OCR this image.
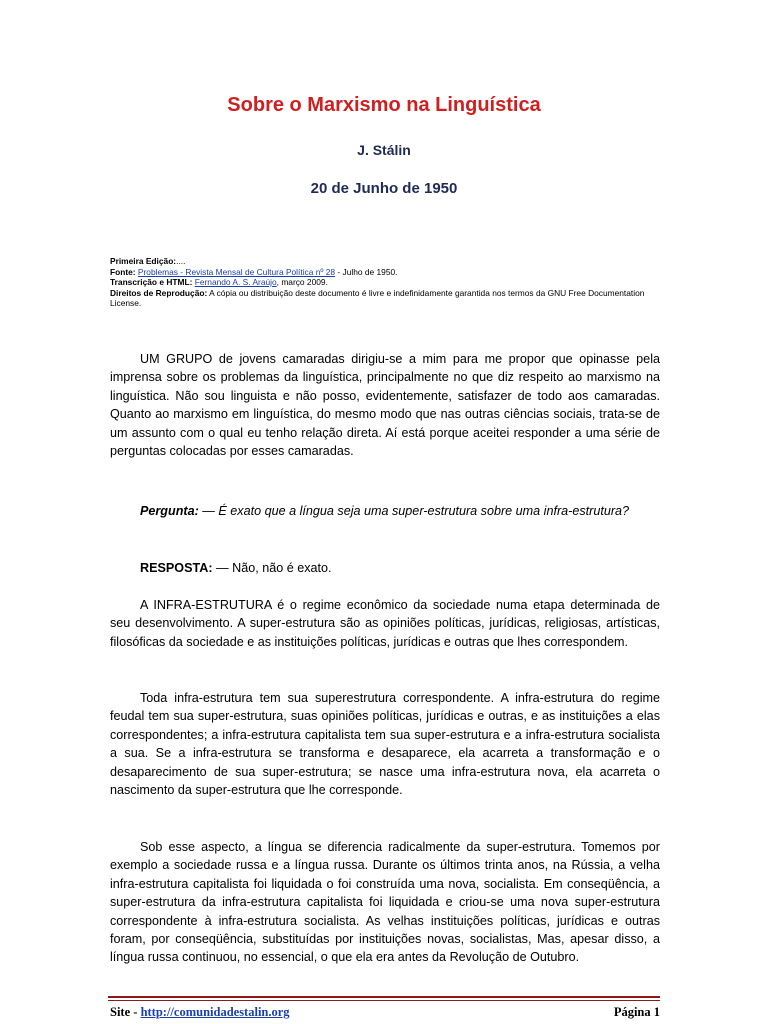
Sobre o Marxismo na Linguística
J. Stálin
20 de Junho de 1950
Primeira Edição:....
Fonte: Problemas - Revista Mensal de Cultura Política nº 28 - Julho de 1950.
Transcrição e HTML: Fernando A. S. Araújo, março 2009.
Direitos de Reprodução: A cópia ou distribuição deste documento é livre e indefinidamente garantida nos termos da GNU Free Documentation License.

UM GRUPO de jovens camaradas dirigiu-se a mim para me propor que opinasse pela imprensa sobre os problemas da linguística, principalmente no que diz respeito ao marxismo na linguística. Não sou linguista e não posso, evidentemente, satisfazer de todo aos camaradas. Quanto ao marxismo em linguística, do mesmo modo que nas outras ciências sociais, trata-se de um assunto com o qual eu tenho relação direta. Aí está porque aceitei responder a uma série de perguntas colocadas por esses camaradas.

Pergunta: — É exato que a língua seja uma super-estrutura sobre uma infra-estrutura?

RESPOSTA: — Não, não é exato.

A INFRA-ESTRUTURA é o regime econômico da sociedade numa etapa determinada de seu desenvolvimento. A super-estrutura são as opiniões políticas, jurídicas, religiosas, artísticas, filosóficas da sociedade e as instituições políticas, jurídicas e outras que lhes correspondem.

Toda infra-estrutura tem sua superestrutura correspondente. A infra-estrutura do regime feudal tem sua super-estrutura, suas opiniões políticas, jurídicas e outras, e as instituições a elas correspondentes; a infra-estrutura capitalista tem sua super-estrutura e a infra-estrutura socialista a sua. Se a infra-estrutura se transforma e desaparece, ela acarreta a transformação e o desaparecimento de sua super-estrutura; se nasce uma infra-estrutura nova, ela acarreta o nascimento da super-estrutura que lhe corresponde.

Sob esse aspecto, a língua se diferencia radicalmente da super-estrutura. Tomemos por exemplo a sociedade russa e a língua russa. Durante os últimos trinta anos, na Rússia, a velha infra-estrutura capitalista foi liquidada o foi construída uma nova, socialista. Em conseqüência, a super-estrutura da infra-estrutura capitalista foi liquidada e criou-se uma nova super-estrutura correspondente à infra-estrutura socialista. As velhas instituições políticas, jurídicas e outras foram, por conseqüência, substituídas por instituições novas, socialistas, Mas, apesar disso, a língua russa continuou, no essencial, o que ela era antes da Revolução de Outubro.

Site - http://comunidadestalin.org	Página 1
